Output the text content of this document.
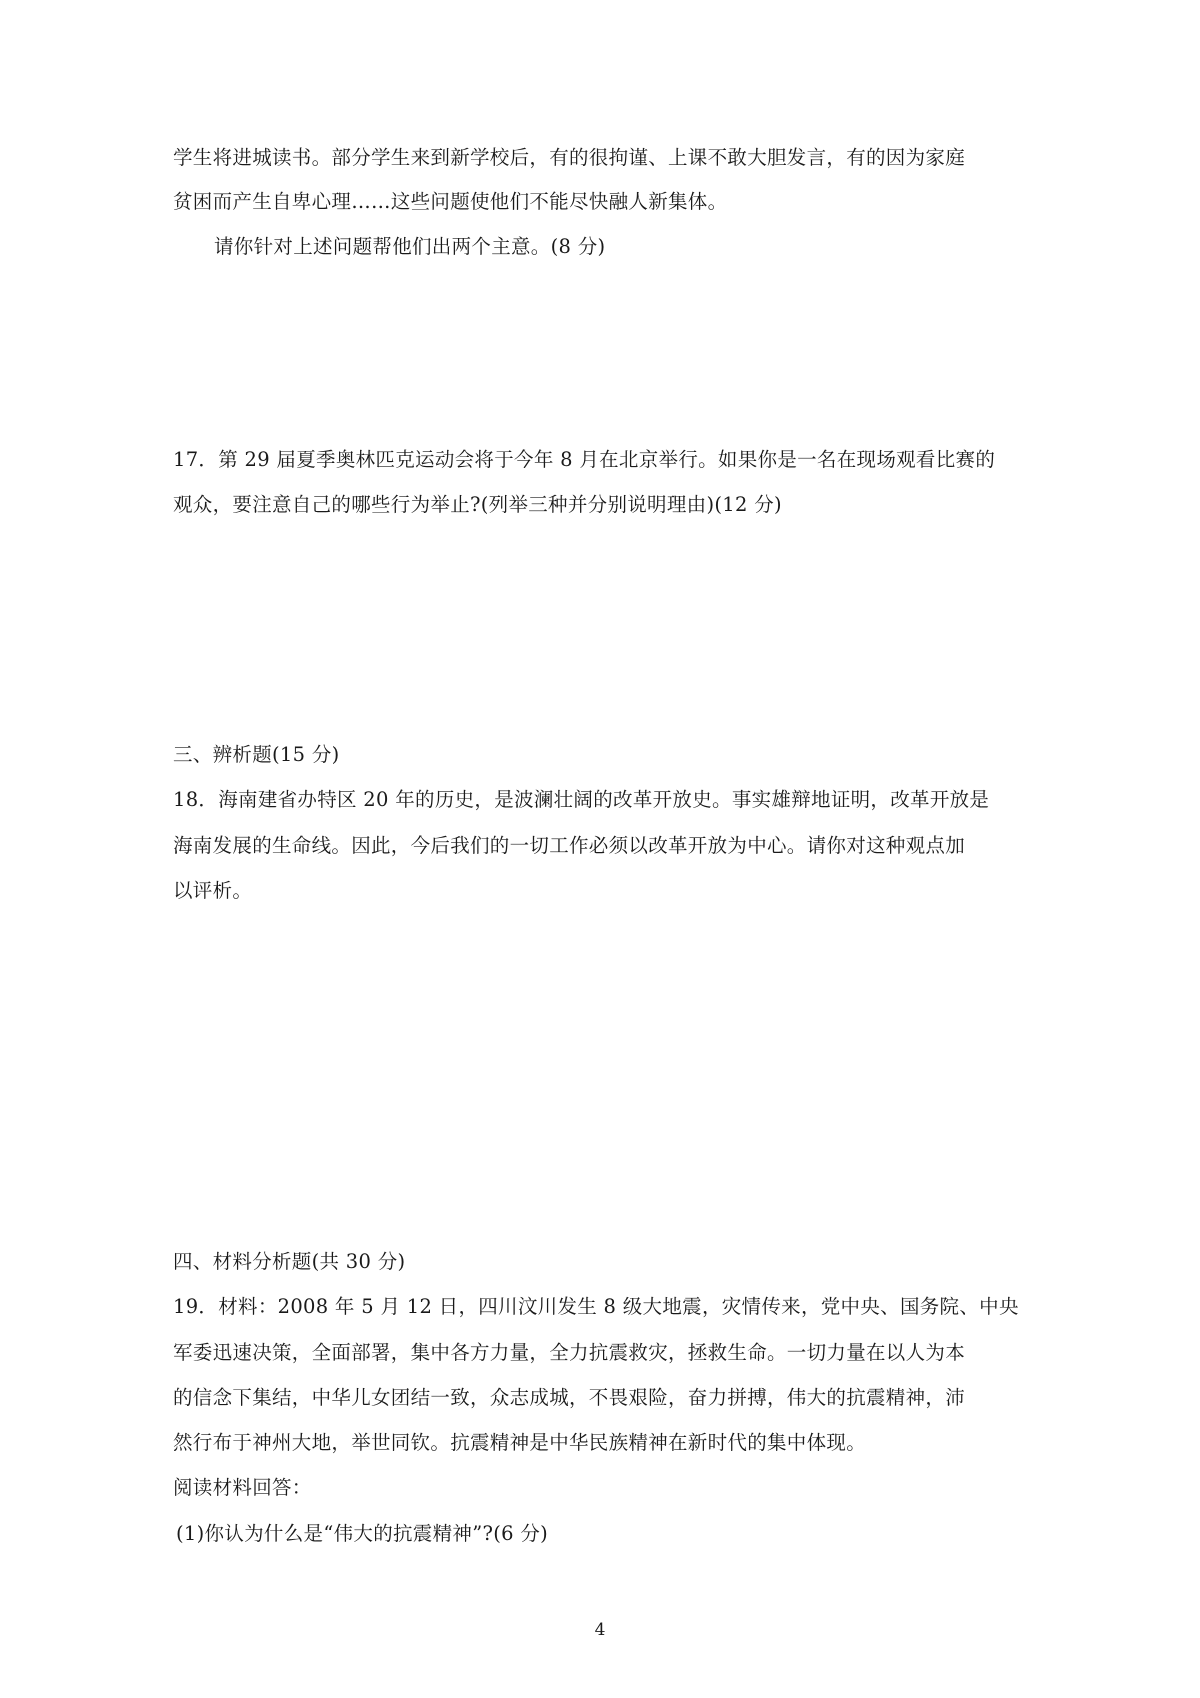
学生将进城读书。部分学生来到新学校后，有的很拘谨、上课不敢大胆发言，有的因为家庭
贫困而产生自卑心理……这些问题使他们不能尽快融人新集体。
请你针对上述问题帮他们出两个主意。(8 分)
17．第 29 届夏季奥林匹克运动会将于今年 8 月在北京举行。如果你是一名在现场观看比赛的
观众，要注意自己的哪些行为举止?(列举三种并分别说明理由)(12 分)
三、辨析题(15 分)
18．海南建省办特区 20 年的历史，是波澜壮阔的改革开放史。事实雄辩地证明，改革开放是
海南发展的生命线。因此，今后我们的一切工作必须以改革开放为中心。请你对这种观点加
以评析。
四、材料分析题(共 30 分)
19．材料：2008 年 5 月 12 日，四川汶川发生 8 级大地震，灾情传来，党中央、国务院、中央
军委迅速决策，全面部署，集中各方力量，全力抗震救灾，拯救生命。一切力量在以人为本
的信念下集结，中华儿女团结一致，众志成城，不畏艰险，奋力拼搏，伟大的抗震精神，沛
然行布于神州大地，举世同钦。抗震精神是中华民族精神在新时代的集中体现。
阅读材料回答：
(1)你认为什么是“伟大的抗震精神”?(6 分)
4
